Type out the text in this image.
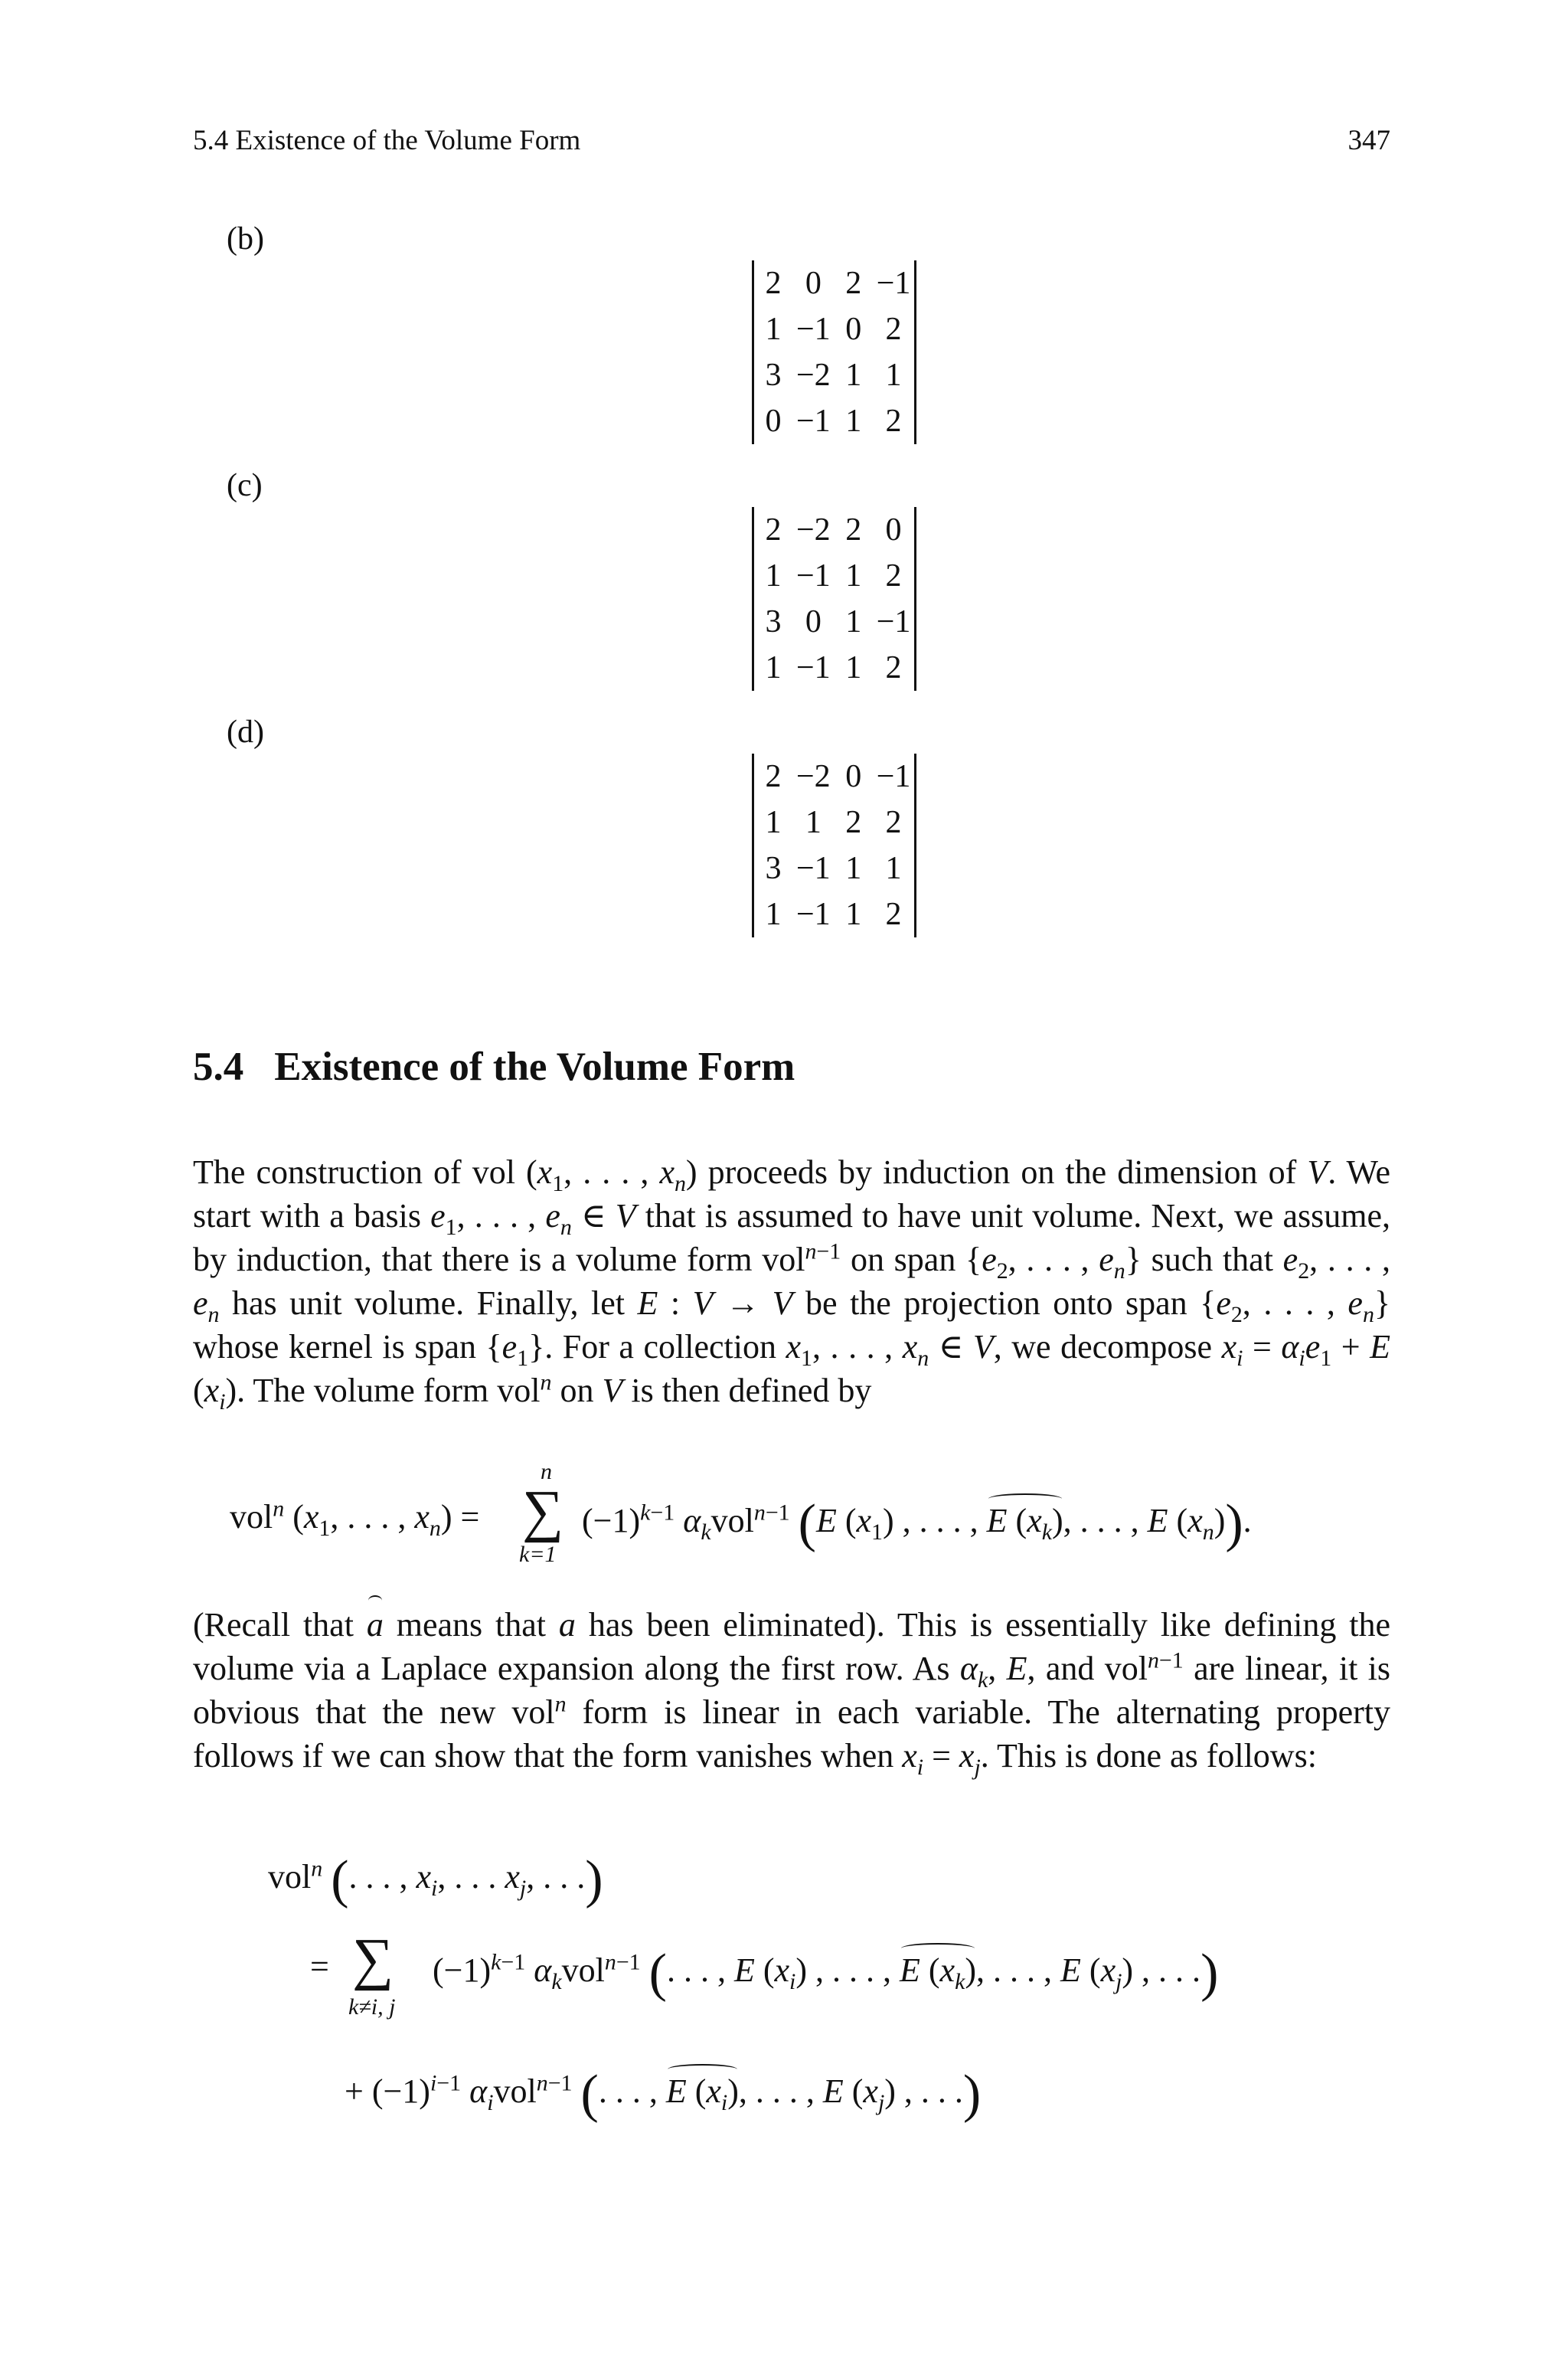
5.4 Existence of the Volume Form	347
(b)
2	0	2	−1
1	−1	0	2
3	−2	1	1
0	−1	1	2
(c)
2	−2	2	0
1	−1	1	2
3	0	1	−1
1	−1	1	2
(d)
2	−2	0	−1
1	1	2	2
3	−1	1	1
1	−1	1	2
5.4 Existence of the Volume Form

The construction of vol ($x_1$, . . . , $x_n$) proceeds by induction on the dimension of V. We start with a basis $e_1$, . . . , $e_n$ ∈ V that is assumed to have unit volume. Next, we assume, by induction, that there is a volume form vol$^{n-1}$ on span {$e_2$, . . . , $e_n$} such that $e_2$, . . . , $e_n$ has unit volume. Finally, let E : V → V be the projection onto span {$e_2$, . . . , $e_n$} whose kernel is span $\{e_1\}$. For a collection $x_1$, . . . , $x_n$ ∈ V, we decompose $x_i = \alpha_ie_1 + E$ $(x_i)$. The volume form vol$^n$ on V is then defined by

vol$^n$ ($x_1$, . . . , $x_n$) =
n
∑
k=1
$(-1)^{k-1}$ $\alpha_kvol^{n-1}$ (E $(x_1)$ , . . . , E $(x_k)$, . . . , E $(x_n)$).

(Recall that a means that a has been eliminated). This is essentially like defining the volume via a Laplace expansion along the first row. As $\alpha_k$, E, and vol$^{n-1}$ are linear, it is obvious that the new vol$^n$ form is linear in each variable. The alternating property follows if we can show that the form vanishes when $x_i = x_j$. This is done as follows:

vol$^n$ (. . . , $x_i$, . . . $x_j$, . . .)
= ∑
k≠i, j
$(-1)^{k-1}$ $\alpha_kvol^{n-1}$ (. . . , E $(x_i)$ , . . . , E $(x_k)$, . . . , E $(x_j)$ , . . .)
+ $(-1)^{i-1}$ $\alpha_ivol^{n-1}$ (. . . , E $(x_i)$, . . . , E $(x_j)$ , . . .)
